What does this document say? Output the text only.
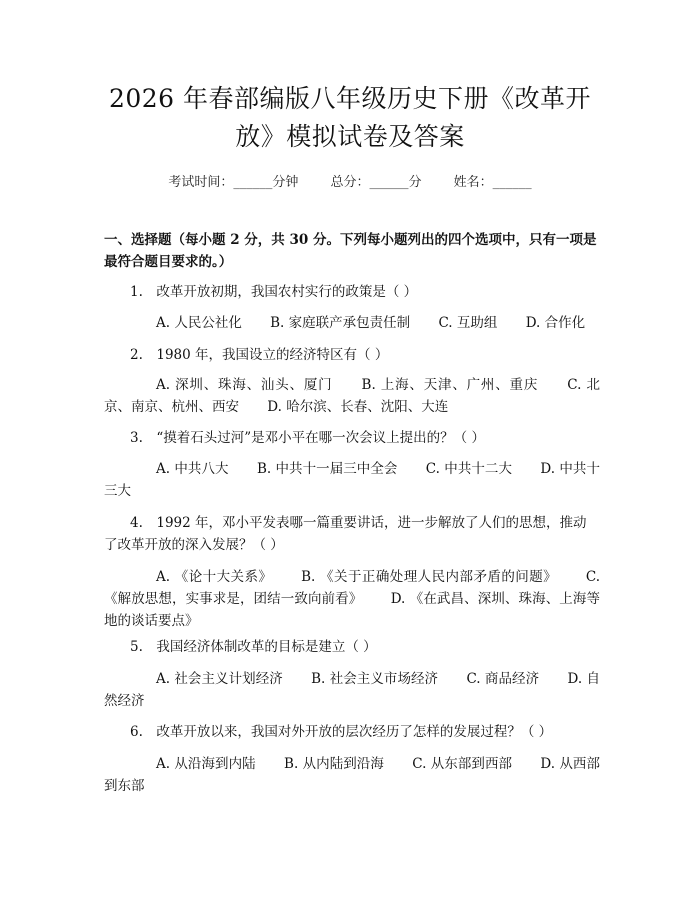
2026 年春部编版八年级历史下册《改革开放》模拟试卷及答案
考试时间：______分钟 总分：______分 姓名：______
一、选择题（每小题 2 分，共 30 分。下列每小题列出的四个选项中，只有一项是最符合题目要求的。）
1.　改革开放初期，我国农村实行的政策是（ ）
A. 人民公社化 B. 家庭联产承包责任制 C. 互助组 D. 合作化
2.　1980 年，我国设立的经济特区有（ ）
A. 深圳、珠海、汕头、厦门 B. 上海、天津、广州、重庆 C. 北京、南京、杭州、西安 D. 哈尔滨、长春、沈阳、大连
3.　“摸着石头过河”是邓小平在哪一次会议上提出的？（ ）
A. 中共八大 B. 中共十一届三中全会 C. 中共十二大 D. 中共十三大
4.　1992 年，邓小平发表哪一篇重要讲话，进一步解放了人们的思想，推动了改革开放的深入发展？（ ）
A. 《论十大关系》 B. 《关于正确处理人民内部矛盾的问题》 C. 《解放思想，实事求是，团结一致向前看》 D. 《在武昌、深圳、珠海、上海等地的谈话要点》
5.　我国经济体制改革的目标是建立（ ）
A. 社会主义计划经济 B. 社会主义市场经济 C. 商品经济 D. 自然经济
6.　改革开放以来，我国对外开放的层次经历了怎样的发展过程？（ ）
A. 从沿海到内陆 B. 从内陆到沿海 C. 从东部到西部 D. 从西部到东部
